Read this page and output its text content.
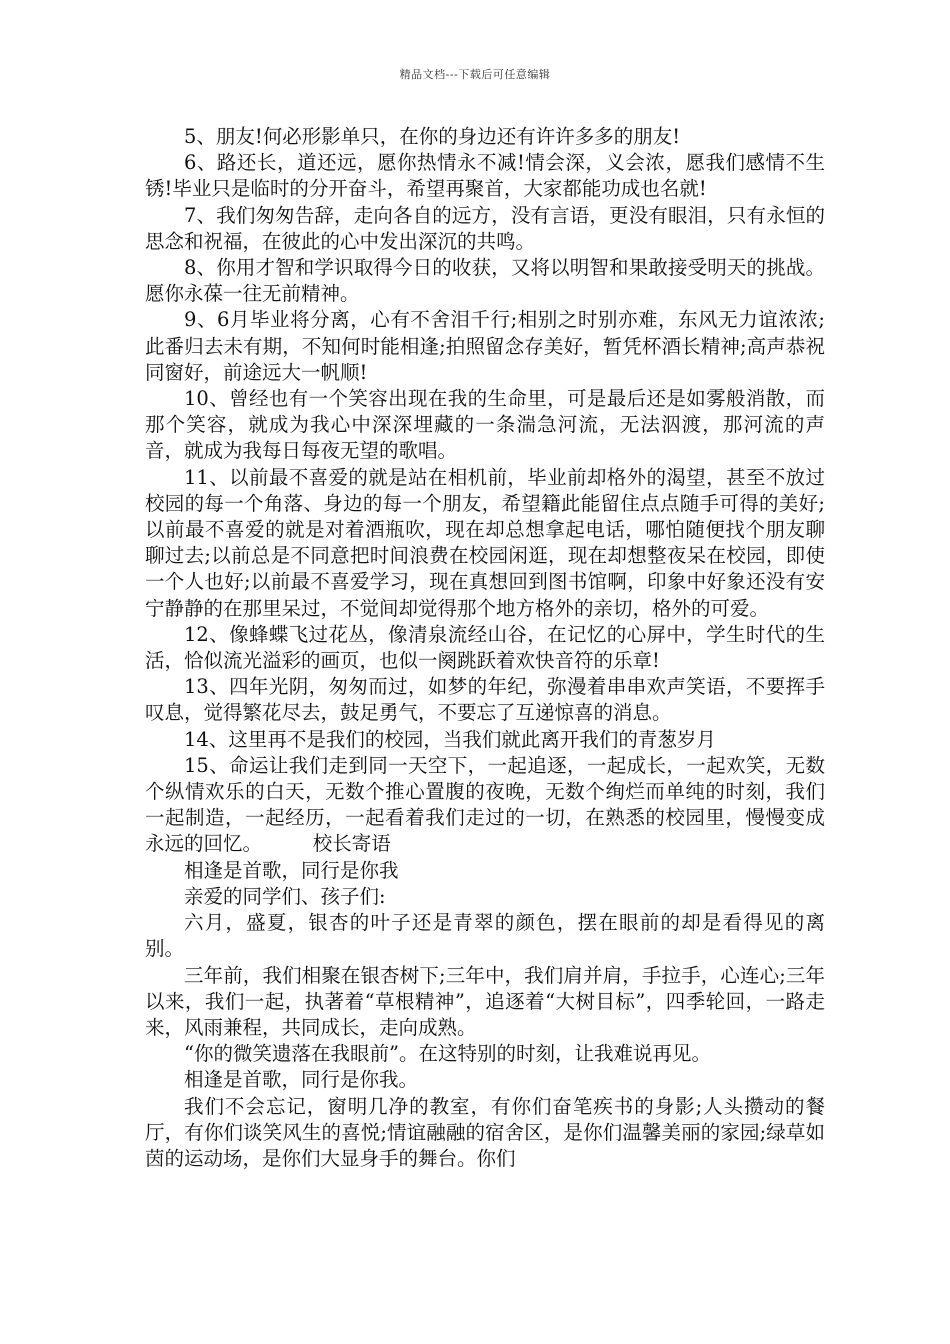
精品文档---下载后可任意编辑

5、朋友!何必形影单只，在你的身边还有许许多多的朋友!

6、路还长，道还远，愿你热情永不减!情会深，义会浓，愿我们感情不生锈!毕业只是临时的分开奋斗，希望再聚首，大家都能功成也名就!

7、我们匆匆告辞，走向各自的远方，没有言语，更没有眼泪，只有永恒的思念和祝福，在彼此的心中发出深沉的共鸣。

8、你用才智和学识取得今日的收获，又将以明智和果敢接受明天的挑战。愿你永葆一往无前精神。

9、6月毕业将分离，心有不舍泪千行;相别之时别亦难，东风无力谊浓浓;此番归去未有期，不知何时能相逢;拍照留念存美好，暂凭杯酒长精神;高声恭祝同窗好，前途远大一帆顺!

10、曾经也有一个笑容出现在我的生命里，可是最后还是如雾般消散，而那个笑容，就成为我心中深深埋藏的一条湍急河流，无法泅渡，那河流的声音，就成为我每日每夜无望的歌唱。

11、以前最不喜爱的就是站在相机前，毕业前却格外的渴望，甚至不放过校园的每一个角落、身边的每一个朋友，希望籍此能留住点点随手可得的美好;以前最不喜爱的就是对着酒瓶吹，现在却总想拿起电话，哪怕随便找个朋友聊聊过去;以前总是不同意把时间浪费在校园闲逛，现在却想整夜呆在校园，即使一个人也好;以前最不喜爱学习，现在真想回到图书馆啊，印象中好象还没有安宁静静的在那里呆过，不觉间却觉得那个地方格外的亲切，格外的可爱。

12、像蜂蝶飞过花丛，像清泉流经山谷，在记忆的心屏中，学生时代的生活，恰似流光溢彩的画页，也似一阕跳跃着欢快音符的乐章!

13、四年光阴，匆匆而过，如梦的年纪，弥漫着串串欢声笑语，不要挥手叹息，觉得繁花尽去，鼓足勇气，不要忘了互递惊喜的消息。

14、这里再不是我们的校园，当我们就此离开我们的青葱岁月

15、命运让我们走到同一天空下，一起追逐，一起成长，一起欢笑，无数个纵情欢乐的白天，无数个推心置腹的夜晚，无数个绚烂而单纯的时刻，我们一起制造，一起经历，一起看着我们走过的一切，在熟悉的校园里，慢慢变成永远的回忆。	校长寄语

相逢是首歌，同行是你我

亲爱的同学们、孩子们:

六月，盛夏，银杏的叶子还是青翠的颜色，摆在眼前的却是看得见的离别。

三年前，我们相聚在银杏树下;三年中，我们肩并肩，手拉手，心连心;三年以来，我们一起，执著着“草根精神”，追逐着“大树目标”，四季轮回，一路走来，风雨兼程，共同成长，走向成熟。

“你的微笑遗落在我眼前”。在这特别的时刻，让我难说再见。

相逢是首歌，同行是你我。

我们不会忘记，窗明几净的教室，有你们奋笔疾书的身影;人头攒动的餐厅，有你们谈笑风生的喜悦;情谊融融的宿舍区，是你们温馨美丽的家园;绿草如茵的运动场，是你们大显身手的舞台。你们
